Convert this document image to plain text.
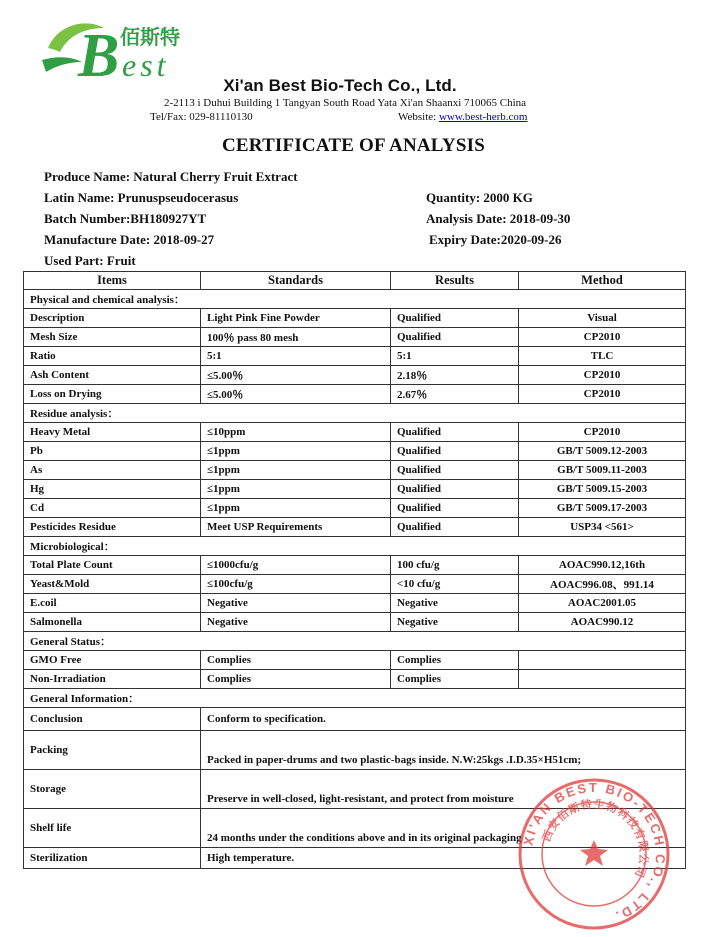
B est
佰斯特
Xi'an Best Bio-Tech Co., Ltd.
2-2113 i Duhui Building 1 Tangyan South Road Yata Xi'an Shaanxi 710065 China
Tel/Fax: 029-81110130	Website: www.best-herb.com
CERTIFICATE OF ANALYSIS
Produce Name: Natural Cherry Fruit Extract
Latin Name: Prunuspseudocerasus	Quantity: 2000 KG
Batch Number:BH180927YT	Analysis Date: 2018-09-30
Manufacture Date: 2018-09-27	Expiry Date:2020-09-26
Used Part: Fruit
Items	Standards	Results	Method
Physical and chemical analysis：			
Description	Light Pink Fine Powder	Qualified	Visual
Mesh Size	100％ pass 80 mesh	Qualified	CP2010
Ratio	5:1	5:1	TLC
Ash Content	≤5.00％	2.18％	CP2010
Loss on Drying	≤5.00％	2.67％	CP2010
Residue analysis：			
Heavy Metal	≤10ppm	Qualified	CP2010
Pb	≤1ppm	Qualified	GB/T 5009.12-2003
As	≤1ppm	Qualified	GB/T 5009.11-2003
Hg	≤1ppm	Qualified	GB/T 5009.15-2003
Cd	≤1ppm	Qualified	GB/T 5009.17-2003
Pesticides Residue	Meet USP Requirements	Qualified	USP34 <561>
Microbiological：			
Total Plate Count	≤1000cfu/g	100 cfu/g	AOAC990.12,16th
Yeast&Mold	≤100cfu/g	<10 cfu/g	AOAC996.08、991.14
E.coil	Negative	Negative	AOAC2001.05
Salmonella	Negative	Negative	AOAC990.12
General Status：			
GMO Free	Complies	Complies	
Non-Irradiation	Complies	Complies	
General Information：			
Conclusion	Conform to specification.		
Packing	Packed in paper-drums and two plastic-bags inside. N.W:25kgs .I.D.35×H51cm;		
Storage	Preserve in well-closed, light-resistant, and protect from moisture		
Shelf life	24 months under the conditions above and in its original packaging		
Sterilization	High temperature.		
XI'AN BEST BIO-TECH CO., LTD.
西安佰斯特生物科技有限公司
